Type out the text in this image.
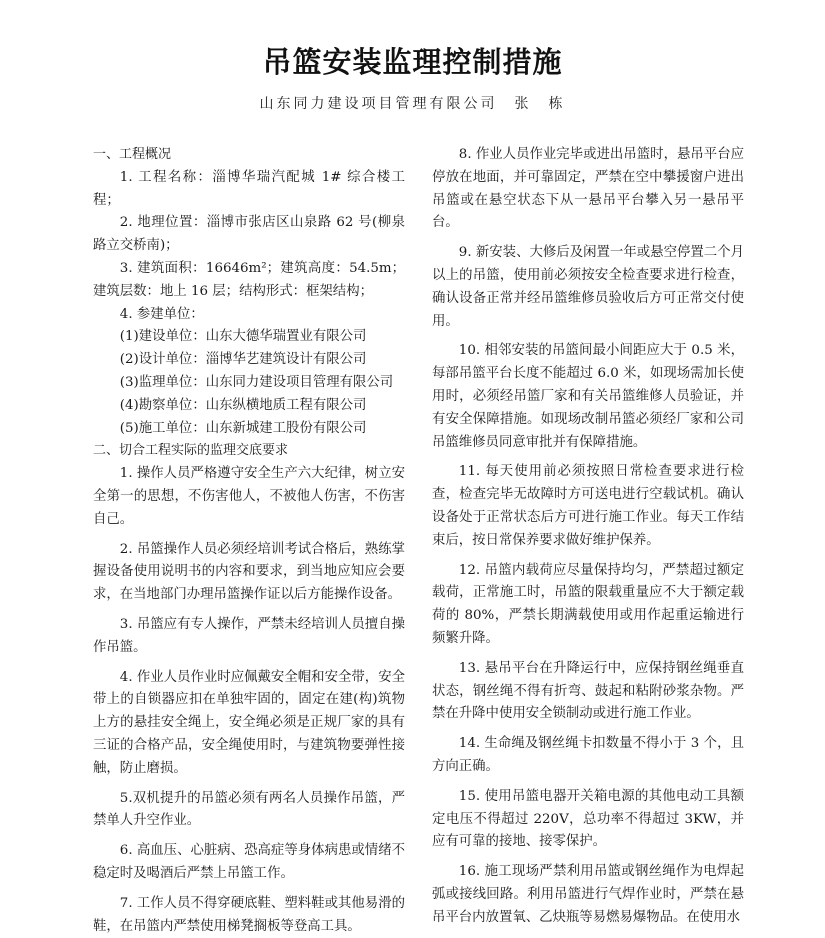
吊篮安装监理控制措施
山东同力建设项目管理有限公司　张　栋

一、工程概况

1. 工程名称：淄博华瑞汽配城 1# 综合楼工程；

2. 地理位置：淄博市张店区山泉路 62 号(柳泉路立交桥南)；

3. 建筑面积：16646m²；建筑高度：54.5m；建筑层数：地上 16 层；结构形式：框架结构；

4. 参建单位：

(1)建设单位：山东大德华瑞置业有限公司

(2)设计单位：淄博华艺建筑设计有限公司

(3)监理单位：山东同力建设项目管理有限公司

(4)勘察单位：山东纵横地质工程有限公司

(5)施工单位：山东新城建工股份有限公司

二、切合工程实际的监理交底要求

1. 操作人员严格遵守安全生产六大纪律，树立安全第一的思想，不伤害他人，不被他人伤害，不伤害自己。

2. 吊篮操作人员必须经培训考试合格后，熟练掌握设备使用说明书的内容和要求，到当地应知应会要求，在当地部门办理吊篮操作证以后方能操作设备。

3. 吊篮应有专人操作，严禁未经培训人员擅自操作吊篮。

4. 作业人员作业时应佩戴安全帽和安全带，安全带上的自锁器应扣在单独牢固的，固定在建(构)筑物上方的悬挂安全绳上，安全绳必须是正规厂家的具有三证的合格产品，安全绳使用时，与建筑物要弹性接触，防止磨损。

5.双机提升的吊篮必须有两名人员操作吊篮，严禁单人升空作业。

6. 高血压、心脏病、恐高症等身体病患或情绪不稳定时及喝酒后严禁上吊篮工作。

7. 工作人员不得穿硬底鞋、塑料鞋或其他易滑的鞋，在吊篮内严禁使用梯凳搁板等登高工具。

8. 作业人员作业完毕或进出吊篮时，悬吊平台应停放在地面，并可靠固定，严禁在空中攀援窗户进出吊篮或在悬空状态下从一悬吊平台攀入另一悬吊平台。

9. 新安装、大修后及闲置一年或悬空停置二个月以上的吊篮，使用前必须按安全检查要求进行检查，确认设备正常并经吊篮维修员验收后方可正常交付使用。

10. 相邻安装的吊篮间最小间距应大于 0.5 米，每部吊篮平台长度不能超过 6.0 米，如现场需加长使用时，必须经吊篮厂家和有关吊篮维修人员验证，并有安全保障措施。如现场改制吊篮必须经厂家和公司吊篮维修员同意审批并有保障措施。

11. 每天使用前必须按照日常检查要求进行检查，检查完毕无故障时方可送电进行空载试机。确认设备处于正常状态后方可进行施工作业。每天工作结束后，按日常保养要求做好维护保养。

12. 吊篮内载荷应尽量保持均匀，严禁超过额定载荷，正常施工时，吊篮的限载重量应不大于额定载荷的 80%，严禁长期满载使用或用作起重运输进行频繁升降。

13. 悬吊平台在升降运行中，应保持钢丝绳垂直状态，钢丝绳不得有折弯、鼓起和粘附砂浆杂物。严禁在升降中使用安全锁制动或进行施工作业。

14. 生命绳及钢丝绳卡扣数量不得小于 3 个，且方向正确。

15. 使用吊篮电器开关箱电源的其他电动工具额定电压不得超过 220V，总功率不得超过 3KW，并应有可靠的接地、接零保护。

16. 施工现场严禁利用吊篮或钢丝绳作为电焊起弧或接线回路。利用吊篮进行气焊作业时，严禁在悬吊平台内放置氧、乙炔瓶等易燃易爆物品。在使用水
